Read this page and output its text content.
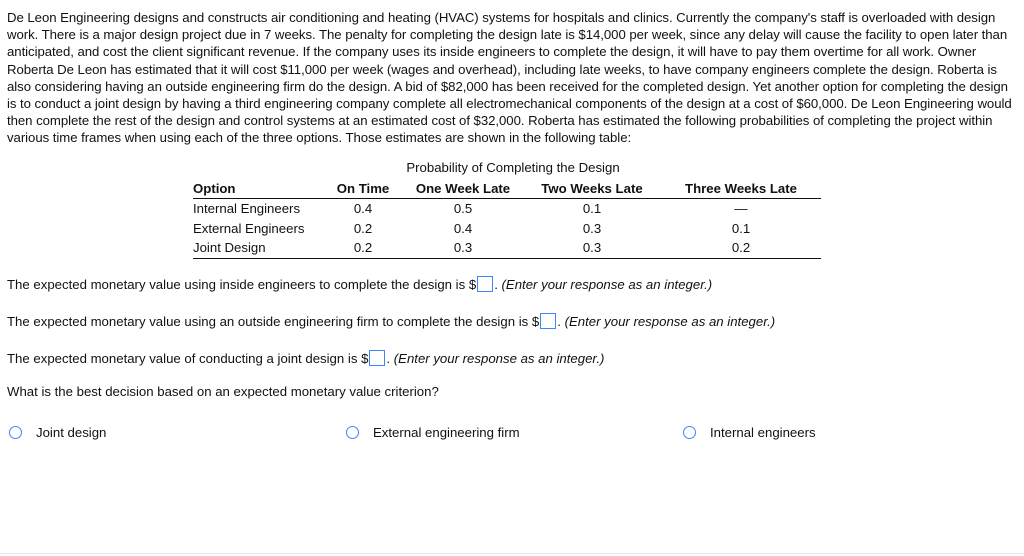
De Leon Engineering designs and constructs air conditioning and heating (HVAC) systems for hospitals and clinics. Currently the company's staff is overloaded with design work. There is a major design project due in 7 weeks. The penalty for completing the design late is $14,000 per week, since any delay will cause the facility to open later than anticipated, and cost the client significant revenue. If the company uses its inside engineers to complete the design, it will have to pay them overtime for all work. Owner Roberta De Leon has estimated that it will cost $11,000 per week (wages and overhead), including late weeks, to have company engineers complete the design. Roberta is also considering having an outside engineering firm do the design. A bid of $82,000 has been received for the completed design. Yet another option for completing the design is to conduct a joint design by having a third engineering company complete all electromechanical components of the design at a cost of $60,000. De Leon Engineering would then complete the rest of the design and control systems at an estimated cost of $32,000. Roberta has estimated the following probabilities of completing the project within various time frames when using each of the three options. Those estimates are shown in the following table:

Probability of Completing the Design
Option	On Time	One Week Late	Two Weeks Late	Three Weeks Late
Internal Engineers	0.4	0.5	0.1	—
External Engineers	0.2	0.4	0.3	0.1
Joint Design	0.2	0.3	0.3	0.2
The expected monetary value using inside engineers to complete the design is $ . (Enter your response as an integer.)
The expected monetary value using an outside engineering firm to complete the design is $ . (Enter your response as an integer.)
The expected monetary value of conducting a joint design is $ . (Enter your response as an integer.)
What is the best decision based on an expected monetary value criterion?
Joint design	External engineering firm	Internal engineers
